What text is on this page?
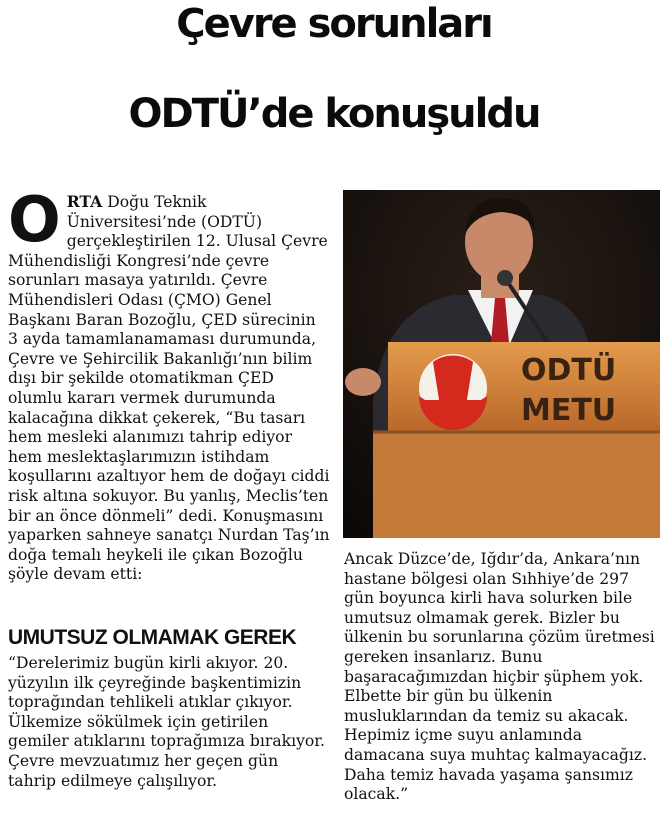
Çevre sorunları
ODTÜ’de konuşuldu
ORTA Doğu Teknik Üniversitesi’nde (ODTÜ) gerçekleştirilen 12. Ulusal Çevre Mühendisliği Kongresi’nde çevre sorunları masaya yatırıldı. Çevre Mühendisleri Odası (ÇMO) Genel Başkanı Baran Bozoğlu, ÇED sürecinin 3 ayda tamamlanamaması durumunda, Çevre ve Şehircilik Bakanlığı’nın bilim dışı bir şekilde otomatikman ÇED olumlu kararı vermek durumunda kalacağına dikkat çekerek, “Bu tasarı hem mesleki alanımızı tahrip ediyor hem meslektaşlarımızın istihdam koşullarını azaltıyor hem de doğayı ciddi risk altına sokuyor. Bu yanlış, Meclis’ten bir an önce dönmeli” dedi. Konuşmasını yaparken sahneye sanatçı Nurdan Taş’ın doğa temalı heykeli ile çıkan Bozoğlu şöyle devam etti:
UMUTSUZ OLMAMAK GEREK

“Derelerimiz bugün kirli akıyor. 20. yüzyılın ilk çeyreğinde başkentimizin toprağından tehlikeli atıklar çıkıyor. Ülkemize sökülmek için getirilen gemiler atıklarını toprağımıza bırakıyor. Çevre mevzuatımız her geçen gün tahrip edilmeye çalışılıyor.

ODTÜ
METU

Ancak Düzce’de, Iğdır’da, Ankara’nın hastane bölgesi olan Sıhhiye’de 297 gün boyunca kirli hava solurken bile umutsuz olmamak gerek. Bizler bu ülkenin bu sorunlarına çözüm üretmesi gereken insanlarız. Bunu başaracağımızdan hiçbir şüphem yok. Elbette bir gün bu ülkenin musluklarından da temiz su akacak. Hepimiz içme suyu anlamında damacana suya muhtaç kalmayacağız. Daha temiz havada yaşama şansımız olacak.”
